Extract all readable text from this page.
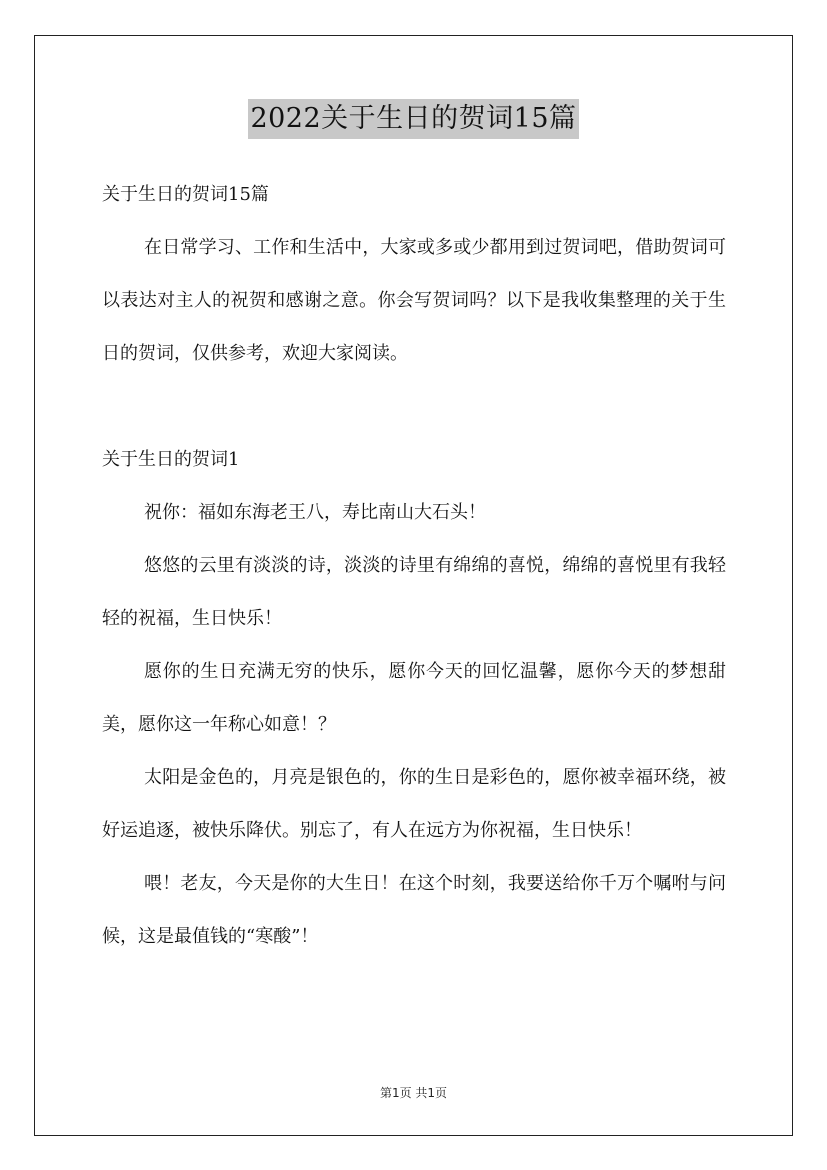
2022关于生日的贺词15篇

关于生日的贺词15篇

在日常学习、工作和生活中，大家或多或少都用到过贺词吧，借助贺词可以表达对主人的祝贺和感谢之意。你会写贺词吗？以下是我收集整理的关于生日的贺词，仅供参考，欢迎大家阅读。

关于生日的贺词1

祝你：福如东海老王八，寿比南山大石头！

悠悠的云里有淡淡的诗，淡淡的诗里有绵绵的喜悦，绵绵的喜悦里有我轻轻的祝福，生日快乐！

愿你的生日充满无穷的快乐，愿你今天的回忆温馨，愿你今天的梦想甜美，愿你这一年称心如意！？

太阳是金色的，月亮是银色的，你的生日是彩色的，愿你被幸福环绕，被好运追逐，被快乐降伏。别忘了，有人在远方为你祝福，生日快乐！

喂！老友，今天是你的大生日！在这个时刻，我要送给你千万个嘱咐与问候，这是最值钱的“寒酸”！

第1页 共1页
